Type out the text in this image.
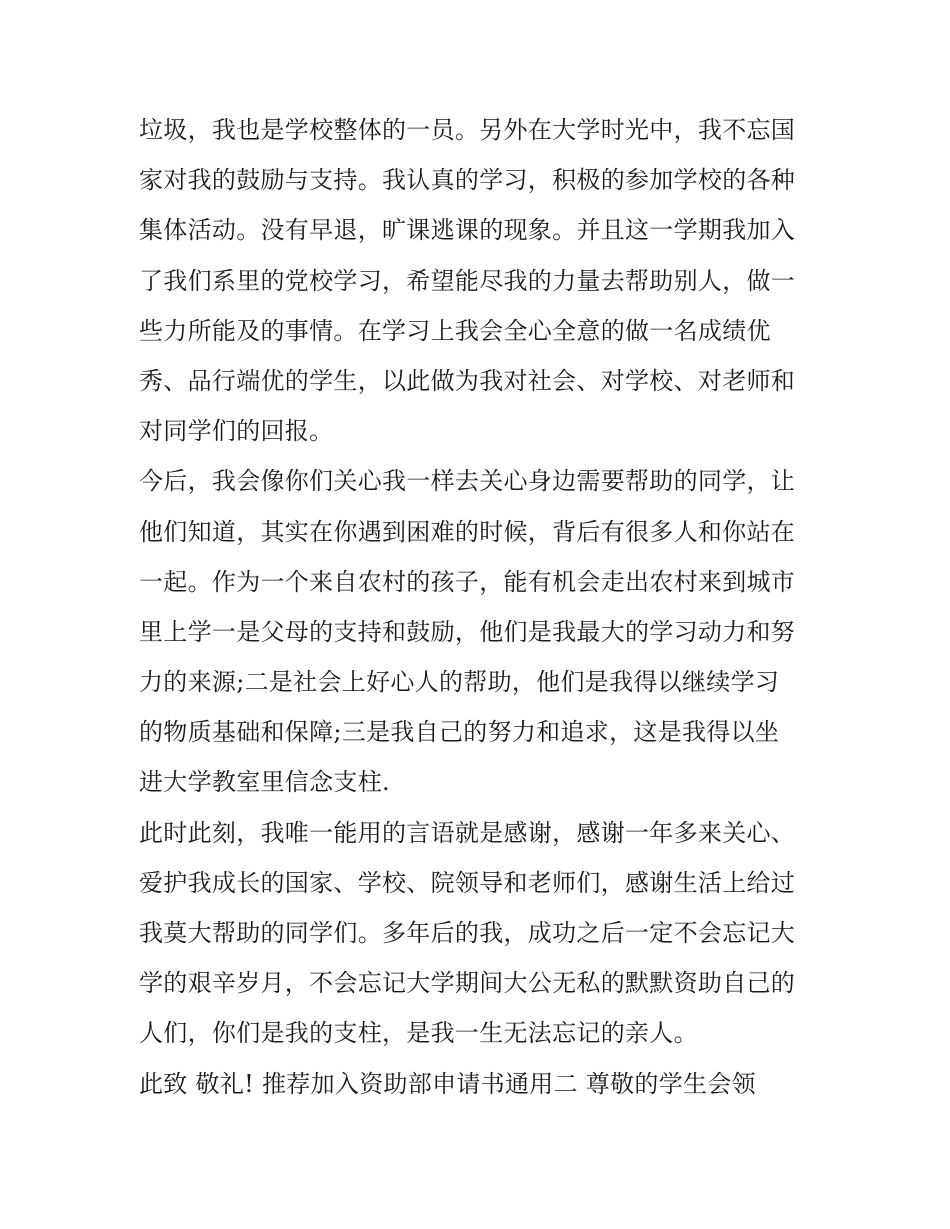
垃圾，我也是学校整体的一员。另外在大学时光中，我不忘国
家对我的鼓励与支持。我认真的学习，积极的参加学校的各种
集体活动。没有早退，旷课逃课的现象。并且这一学期我加入
了我们系里的党校学习，希望能尽我的力量去帮助别人，做一
些力所能及的事情。在学习上我会全心全意的做一名成绩优
秀、品行端优的学生，以此做为我对社会、对学校、对老师和
对同学们的回报。
今后，我会像你们关心我一样去关心身边需要帮助的同学，让
他们知道，其实在你遇到困难的时候，背后有很多人和你站在
一起。作为一个来自农村的孩子，能有机会走出农村来到城市
里上学一是父母的支持和鼓励，他们是我最大的学习动力和努
力的来源;二是社会上好心人的帮助，他们是我得以继续学习
的物质基础和保障;三是我自己的努力和追求，这是我得以坐
进大学教室里信念支柱.
此时此刻，我唯一能用的言语就是感谢，感谢一年多来关心、
爱护我成长的国家、学校、院领导和老师们，感谢生活上给过
我莫大帮助的同学们。多年后的我，成功之后一定不会忘记大
学的艰辛岁月，不会忘记大学期间大公无私的默默资助自己的
人们，你们是我的支柱，是我一生无法忘记的亲人。
此致 敬礼! 推荐加入资助部申请书通用二 尊敬的学生会领
